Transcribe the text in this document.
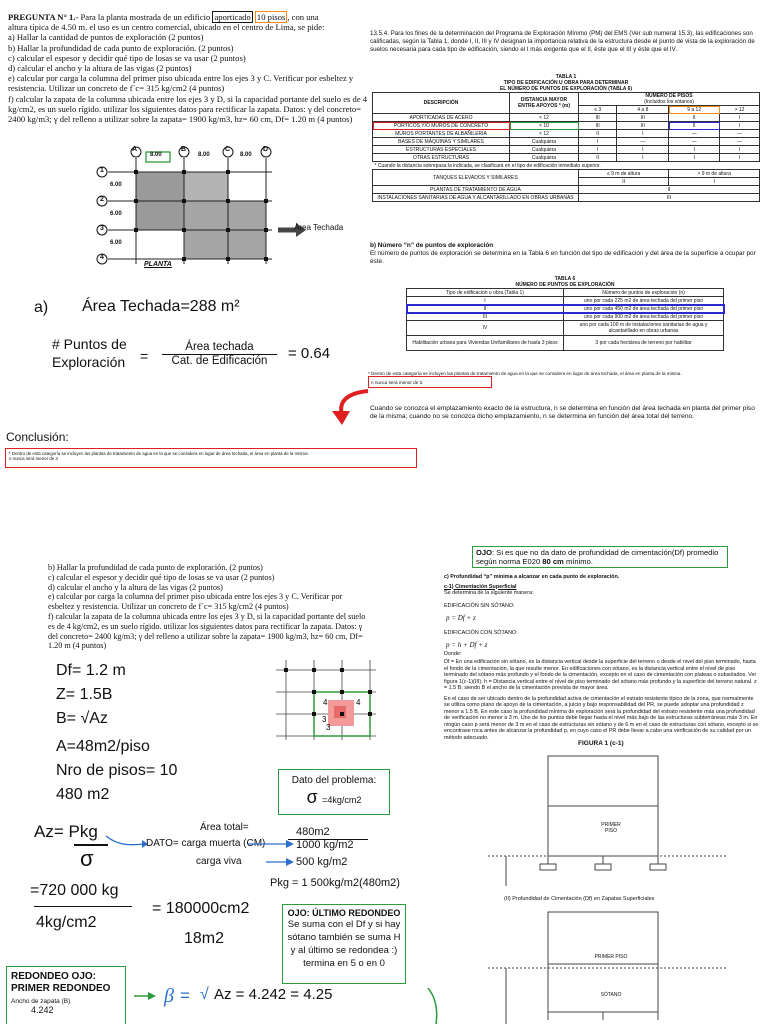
PREGUNTA N° 1.- Para la planta mostrada de un edificio aporticado 10 pisos , con una

altura típica de 4.50 m. el uso es un centro comercial, ubicado en el centro de Lima, se pide:

a) Hallar la cantidad de puntos de exploración (2 puntos)

b) Hallar la profundidad de cada punto de exploración. (2 puntos)

c) calcular el espesor y decidir qué tipo de losas se va usar (2 puntos)

d) calcular el ancho y la altura de las vigas (2 puntos)

e) calcular por carga la columna del primer piso ubicada entre los ejes 3 y C. Verificar por esbeltez y resistencia. Utilizar un concreto de f´c= 315 kg/cm2 (4 puntos)

f) calcular la zapata de la columna ubicada entre los ejes 3 y D, si la capacidad portante del suelo es de 4 kg/cm2, es un suelo rígido. utilizar los siguientes datos para rectificar la zapata. Datos: γ del concreto= 2400 kg/m3; γ del relleno a utilizar sobre la zapata= 1900 kg/m3, hz= 60 cm, Df= 1.20 m (4 puntos)

A	B	C	D
1
2
3
4
8.00	8.00	8.00
6.00
6.00
6.00
PLANTA
Área Techada
13.5.4. Para los fines de la determinación del Programa de Exploración Mínimo (PM) del EMS (Ver sub numeral 15.3), las edificaciones son calificadas, según la Tabla 1, donde I, II, III y IV designan la importancia relativa de la estructura desde el punto de vista de la exploración de suelos necesaria para cada tipo de edificación, siendo el I más exigente que el II, éste que el III y éste que el IV.
TABLA 1
TIPO DE EDIFICACIÓN U OBRA PARA DETERMINAR
EL NÚMERO DE PUNTOS DE EXPLORACIÓN (TABLA 6)
DESCRIPCIÓN	DISTANCIA MAYOR ENTRE APOYOS * (m)	NÚMERO DE PISOS
(Incluidos los sótanos)			
		≤ 3	4 a 8	9 a 12	> 12
APORTICADAS DE ACERO	< 12	III	III	II	I
PÓRTICOS Y/O MUROS DE CONCRETO	< 10	III	III	II	I
MUROS PORTANTES DE ALBAÑILERÍA	< 12	II	I	—	—
BASES DE MÁQUINAS Y SIMILARES	Cualquiera	I	—	—	—
ESTRUCTURAS ESPECIALES	Cualquiera	I	I	I	I
OTRAS ESTRUCTURAS	Cualquiera	II	I	I	I
* Cuando la distancia sobrepasa la indicada, se clasificará en el tipo de edificación inmediato superior.					
TANQUES ELEVADOS Y SIMILARES		≤ 9 m de altura		> 9 m de altura	
		II		I	
PLANTAS DE TRATAMIENTO DE AGUA		II			
INSTALACIONES SANITARIAS DE AGUA Y ALCANTARILLADO EN OBRAS URBANAS		III			
b) Número “n” de puntos de exploración
El número de puntos de exploración se determina en la Tabla 6 en función del tipo de edificación y del área de la superficie a ocupar por éste.
TABLA 6
NÚMERO DE PUNTOS DE EXPLORACIÓN
Tipo de edificación u obra (Tabla 1)	Número de puntos de exploración (n)
I	uno por cada 225 m2 de área techada del primer piso
II	uno por cada 450 m2 de área techada del primer piso
III	uno por cada 900 m2 de área techada del primer piso
IV	uno por cada 100 m de instalaciones sanitarias de agua y alcantarillado en obras urbanas
Habilitación urbana para Viviendas Unifamiliares de hasta 3 pisos	3 por cada hectárea de terreno por habilitar
* Dentro de esta categoría se incluyen las plantas de tratamiento de agua en la que se considera en lugar de área techada, el área en planta de la misma.
n nunca será menor de 3.
Cuando se conozca el emplazamiento exacto de la estructura, n se determina en función del área techada en planta del primer piso de la misma; cuando no se conozca dicho emplazamiento, n se determina en función del área total del terreno.
a) Área Techada=288 m²
# Puntos de
Exploración =
Área techada
Cat. de Edificación	= 0.64
Conclusión:
* Dentro de esta categoría se incluyen las plantas de tratamiento de agua en la que se considera en lugar de área techada, el área en planta de la misma.
n nunca será menor de 3

b) Hallar la profundidad de cada punto de exploración. (2 puntos)

c) calcular el espesor y decidir qué tipo de losas se va usar (2 puntos)

d) calcular el ancho y la altura de las vigas (2 puntos)

e) calcular por carga la columna del primer piso ubicada entre los ejes 3 y C. Verificar por esbeltez y resistencia. Utilizar un concreto de f´c= 315 kg/cm2 (4 puntos)

f) calcular la zapata de la columna ubicada entre los ejes 3 y D, si la capacidad portante del suelo es de 4 kg/cm2, es un suelo rígido. utilizar los siguientes datos para rectificar la zapata. Datos: γ del concreto= 2400 kg/m3; γ del relleno a utilizar sobre la zapata= 1900 kg/m3, hz= 60 cm, Df= 1.20 m (4 puntos)

4	4
3
3
Df= 1.2 m
Z= 1.5B
B= √Az
A=48m2/piso
Nro de pisos= 10
480 m2
Dato del problema:
σ =4kg/cm2
Az= Pkg
σ
Área total=
DATO= carga muerta (CM)
carga viva
480m2
1000 kg/m2
500 kg/m2
Pkg = 1 500kg/m2(480m2)
=720 000 kg
4kg/cm2
= 180000cm2
18m2
OJO: ÚLTIMO REDONDEO
Se suma con el Df y si hay sótano también se suma H y al último se redondea :) termina en 5 o en 0
REDONDEO OJO: PRIMER REDONDEO
Ancho de zapata (B)
4.242
β = √ Az = 4.242 = 4.25
OJO: Si es que no da dato de profundidad de cimentación(Df) promedio según norma E020 80 cm mínimo.
c) Profundidad “p” mínima a alcanzar en cada punto de exploración.
c-1) Cimentación Superficial
Se determina de la siguiente manera:
EDIFICACIÓN SIN SÓTANO:
p = Df + z
EDIFICACIÓN CON SÓTANO:
p = h + Df + z
Donde:
Df = En una edificación sin sótano, es la distancia vertical desde la superficie del terreno o desde el nivel del piso terminado, hasta el fondo de la cimentación, la que resulte menor. En edificaciones con sótano, es la distancia vertical entre el nivel de piso terminado del sótano más profundo y el fondo de la cimentación, excepto en el caso de cimentación con plateas o subsolados. Ver figura 1(c-1)(III). h = Distancia vertical entre el nivel de piso terminado del sótano más profundo y la superficie del terreno natural. z = 1.5 B; siendo B el ancho de la cimentación prevista de mayor área.
En el caso de ser ubicado dentro de la profundidad activa de cimentación el estrato resistente típico de la zona, que normalmente se utiliza como plano de apoyo de la cimentación, a juicio y bajo responsabilidad del PR, se puede adoptar una profundidad z menor a 1.5 B. En este caso la profundidad mínima de exploración será la profundidad del estrato resistente más una profundidad de verificación no menor a 3 m. Uno de los puntos debe llegar hasta el nivel más bajo de las estructuras subterráneas más 3 m. En ningún caso p será menor de 3 m en el caso de estructuras sin sótano y de 6 m en el caso de estructuras con sótano, excepto si se encontrase roca antes de alcanzar la profundidad p, en cuyo caso el PR debe llevar a cabo una verificación de su calidad por un método adecuado.
FIGURA 1 (c-1)
PRIMER PISO
(II) Profundidad de Cimentación (Df) en Zapatas Superficiales
PRIMER PISO
SÓTANO
